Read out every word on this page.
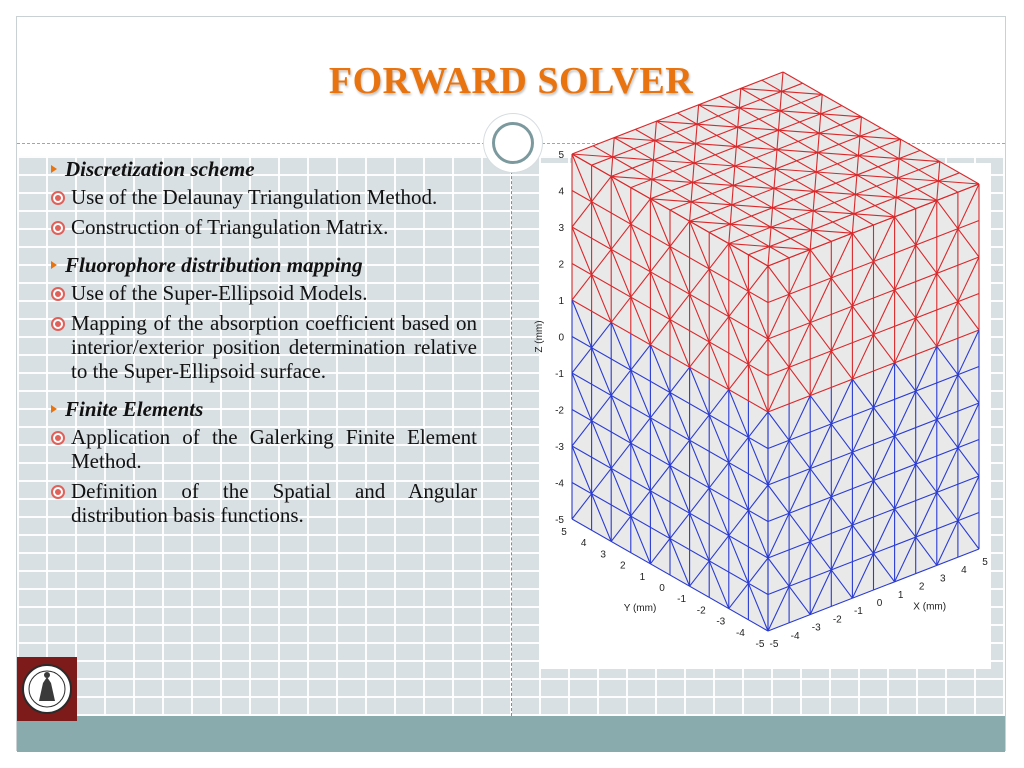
FORWARD SOLVER
Discretization scheme
Use of the Delaunay Triangulation Method.
Construction of Triangulation Matrix.
Fluorophore distribution mapping
Use of the Super-Ellipsoid Models.
Mapping of the absorption coefficient based on interior/exterior position determination relative to the Super-Ellipsoid surface.
Finite Elements
Application of the Galerking Finite Element Method.
Definition of the Spatial and Angular distribution basis functions.
5
4
3
2
1
0
-1
-2
-3
-4
-5
5
4
3
2
1
0
-1
-2
-3
-4
-5 -5
-4
-3
-2
-1
0
1
2
3
4
5
Z (mm)
Y (mm)	X (mm)
